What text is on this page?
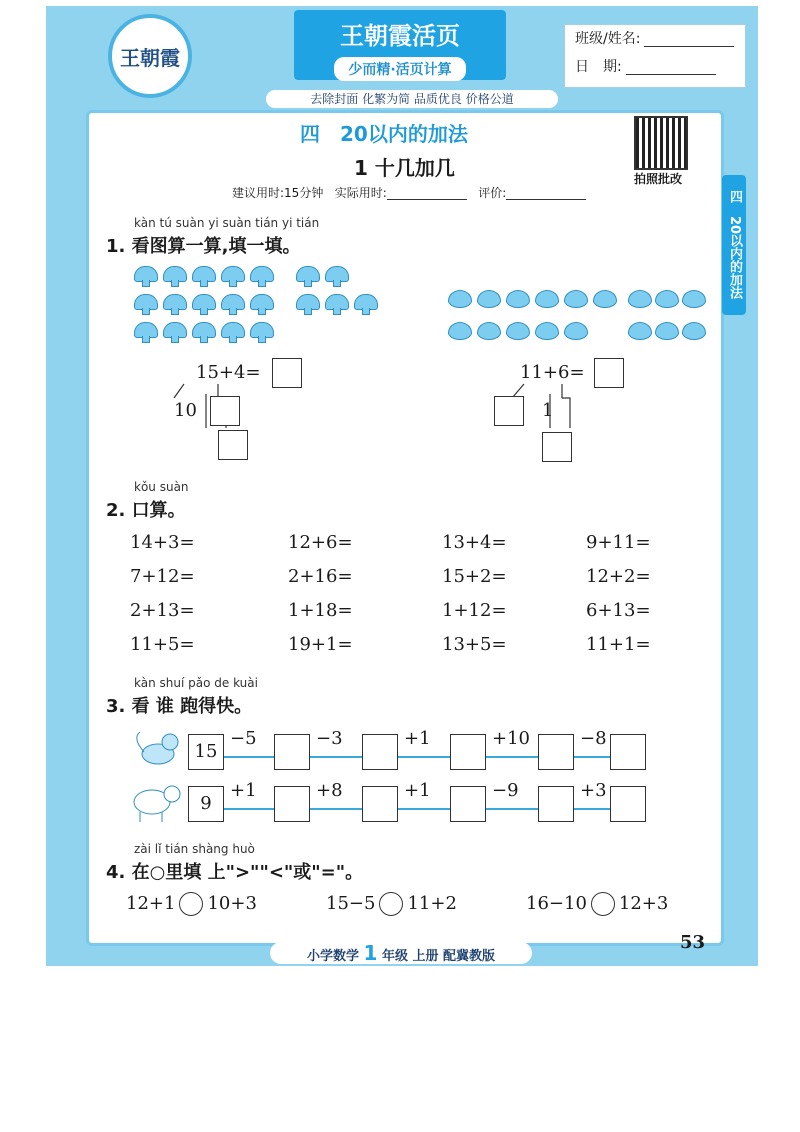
王朝霞
王朝霞活页
少而精·活页计算
班级/姓名:
日　期:
去除封面 化繁为简 品质优良 价格公道
四　20以内的加法
1 十几加几
建议用时:15分钟 实际用时:	评价:
拍照批改
四　20以内的加法
kàn tú suàn yi suàn tián yi tián
1. 看图算一算,填一填。
15+4=
10
11+6=
1
kǒu suàn
2. 口算。
kàn shuí pǎo de kuài
3. 看 谁 跑得快。
zài lǐ tián shàng huò
4. 在○里填 上">""<"或"="。
小学数学 1 年级 上册 配冀教版
53
14+3=	12+6=	13+4=	9+11=
7+12=	2+16=	15+2=	12+2=
2+13=	1+18=	1+12=	6+13=
11+5=	19+1=	13+5=	11+1=
15
−5	−3	+1	+10	−8
9
+1	+8	+1	−9	+3
12+1 10+3	15−5 11+2	16−10 12+3
